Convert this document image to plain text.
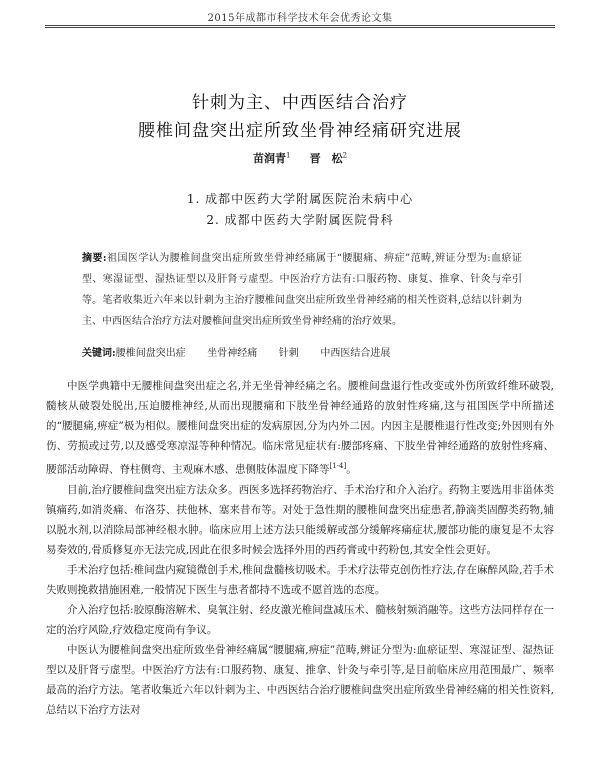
2015年成都市科学技术年会优秀论文集
针刺为主、中西医结合治疗
腰椎间盘突出症所致坐骨神经痛研究进展
苗润青$^1$ 晋　松$^2$
1. 成都中医药大学附属医院治未病中心
2. 成都中医药大学附属医院骨科
摘要:祖国医学认为腰椎间盘突出症所致坐骨神经痛属于“腰腿痛、痹症”范畴,辨证分型为:血瘀证型、寒湿证型、湿热证型以及肝肾亏虚型。中医治疗方法有:口服药物、康复、推拿、针灸与牵引等。笔者收集近六年来以针刺为主治疗腰椎间盘突出症所致坐骨神经痛的相关性资料,总结以针刺为主、中西医结合治疗方法对腰椎间盘突出症所致坐骨神经痛的治疗效果。
关键词:腰椎间盘突出症 坐骨神经痛 针刺 中西医结合进展

中医学典籍中无腰椎间盘突出症之名,并无坐骨神经痛之名。腰椎间盘退行性改变或外伤所致纤维环破裂,髓核从破裂处脱出,压迫腰椎神经,从而出现腰痛和下肢坐骨神经通路的放射性疼痛,这与祖国医学中所描述的“腰腿痛,痹症”极为相似。腰椎间盘突出症的发病原因,分为内外二因。内因主是腰椎退行性改变;外因则有外伤、劳损或过劳,以及感受寒凉湿等种种情况。临床常见症状有:腰部疼痛、下肢坐骨神经通路的放射性疼痛、腰部活动障碍、脊柱侧弯、主观麻木感、患侧肢体温度下降等[1-4]。

目前,治疗腰椎间盘突出症方法众多。西医多选择药物治疗、手术治疗和介入治疗。药物主要选用非甾体类镇痛药,如消炎痛、布洛芬、扶他林、塞来昔布等。对处于急性期的腰椎间盘突出症患者,静滴类固醇类药物,辅以脱水剂,以消除局部神经根水肿。临床应用上述方法只能缓解或部分缓解疼痛症状,腰部功能的康复是不太容易奏效的,骨质修复亦无法完成,因此在很多时候会选择外用的西药膏或中药粉包,其安全性会更好。

手术治疗包括:椎间盘内窥镜微创手术,椎间盘髓核切吸术。手术疗法带克创伤性疗法,存在麻醉风险,若手术失败则挽救措施困难,一般情况下医生与患者都持不选或不愿首选的态度。

介入治疗包括:胶原酶溶解术、臭氧注射、经皮激光椎间盘减压术、髓核射频消融等。这些方法同样存在一定的治疗风险,疗效稳定度尚有争议。

中医认为腰椎间盘突出症所致坐骨神经痛属“腰腿痛,痹症”范畴,辨证分型为:血瘀证型、寒湿证型、湿热证型以及肝肾亏虚型。中医治疗方法有:口服药物、康复、推拿、针灸与牵引等,是目前临床应用范围最广、频率最高的治疗方法。笔者收集近六年以针刺为主、中西医结合治疗腰椎间盘突出症所致坐骨神经痛的相关性资料,总结以下治疗方法对
